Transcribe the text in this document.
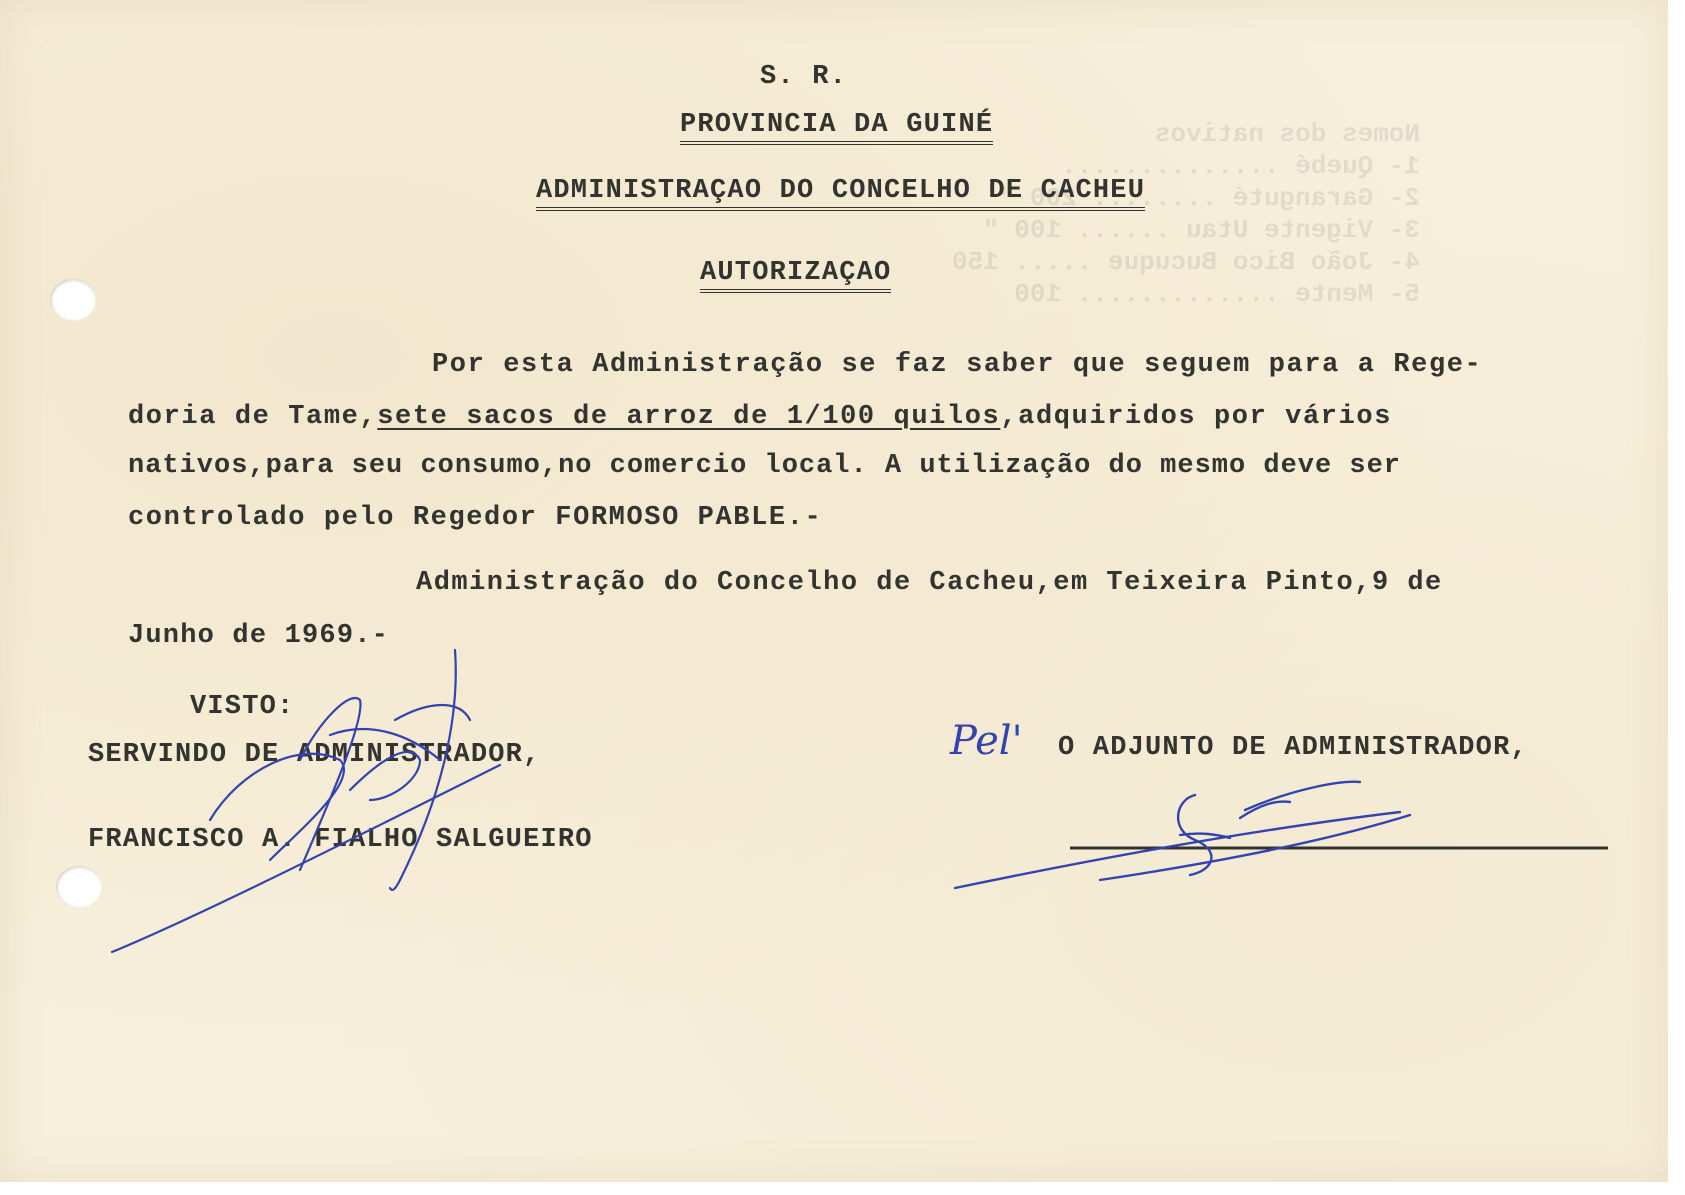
Nomes dos nativos
1- Quebé ..............
2- Garanguté ........ 200 "
3- Vigente Utau ...... 100 "
4- João Bico Bucuque ..... 150
5- Mente ............. 100
S. R.
PROVINCIA DA GUINÉ
ADMINISTRAÇAO DO CONCELHO DE CACHEU
AUTORIZAÇAO
Por esta Administração se faz saber que seguem para a Rege-
doria de Tame,sete sacos de arroz de 1/100 quilos,adquiridos por vários
nativos,para seu consumo,no comercio local. A utilização do mesmo deve ser
controlado pelo Regedor FORMOSO PABLE.-
Administração do Concelho de Cacheu,em Teixeira Pinto,9 de
Junho de 1969.-
VISTO:
SERVINDO DE ADMINISTRADOR,
FRANCISCO A. FIALHO SALGUEIRO
Pel' O ADJUNTO DE ADMINISTRADOR,
